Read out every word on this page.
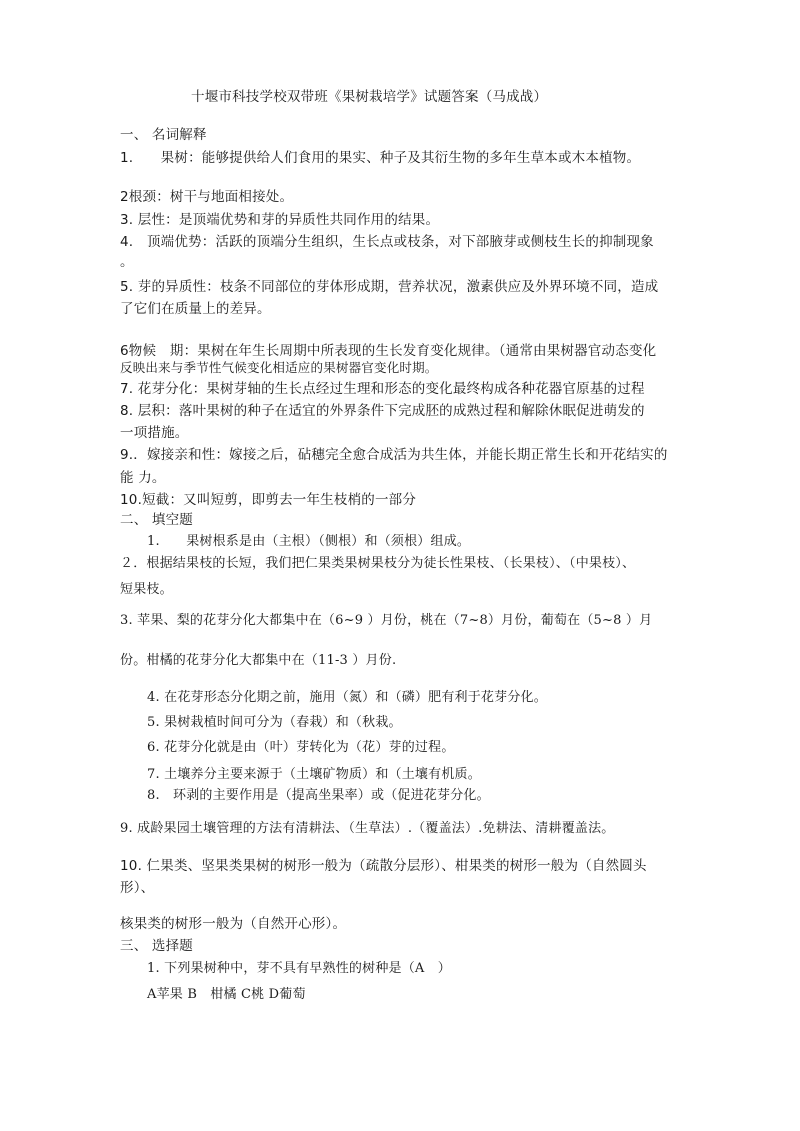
十堰市科技学校双带班《果树栽培学》试题答案（马成战）
一、 名词解释
1.　　果树：能够提供给人们食用的果实、种子及其衍生物的多年生草本或木本植物。
2根颈：树干与地面相接处。
3. 层性：是顶端优势和芽的异质性共同作用的结果。
4.　顶端优势：活跃的顶端分生组织，生长点或枝条，对下部腋芽或侧枝生长的抑制现象
。
5. 芽的异质性：枝条不同部位的芽体形成期，营养状况，激素供应及外界环境不同，造成
了它们在质量上的差异。
6物候　期：果树在年生长周期中所表现的生长发育变化规律。（通常由果树器官动态变化
反映出来与季节性气候变化相适应的果树器官变化时期。
7. 花芽分化：果树芽轴的生长点经过生理和形态的变化最终构成各种花器官原基的过程
8. 层积：落叶果树的种子在适宜的外界条件下完成胚的成熟过程和解除休眠促进萌发的
一项措施。
9.．嫁接亲和性：嫁接之后，砧穗完全愈合成活为共生体，并能长期正常生长和开花结实的
能 力。
10.短截：又叫短剪，即剪去一年生枝梢的一部分
二、 填空题
1.　　果树根系是由（主根）（侧根）和（须根）组成。
２．根据结果枝的长短，我们把仁果类果树果枝分为徒长性果枝、（长果枝）、（中果枝）、
短果枝。
3. 苹果、梨的花芽分化大都集中在（6~9 ）月份，桃在（7~8）月份，葡萄在（5~8 ）月
份。柑橘的花芽分化大都集中在（11-3 ）月份.
4. 在花芽形态分化期之前，施用（氮）和（磷）肥有利于花芽分化。
5. 果树栽植时间可分为（春栽）和（秋栽。
6. 花芽分化就是由（叶）芽转化为（花）芽的过程。
7. 土壤养分主要来源于（土壤矿物质）和（土壤有机质。
8.　环剥的主要作用是（提高坐果率）或（促进花芽分化。
9. 成龄果园土壤管理的方法有清耕法、（生草法）.（覆盖法）.免耕法、清耕覆盖法。
10. 仁果类、坚果类果树的树形一般为（疏散分层形）、柑果类的树形一般为（自然圆头
形）、
核果类的树形一般为（自然开心形）。
三、 选择题
1. 下列果树种中，芽不具有早熟性的树种是（A　）
A苹果 B　柑橘 C桃 D葡萄
